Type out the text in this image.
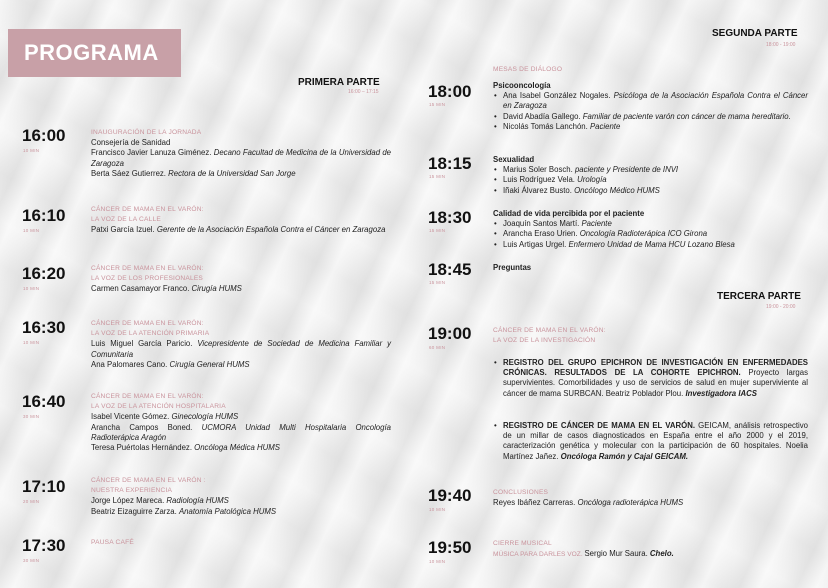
PROGRAMA
PRIMERA PARTE
16:00 – 17:15
SEGUNDA PARTE
18:00 - 19:00
TERCERA PARTE
19:00 - 20:00
16:00
10 MIN
INAUGURACIÓN DE LA JORNADA
Consejería de Sanidad
Francisco Javier Lanuza Giménez. Decano Facultad de Medicina de la Universidad de Zaragoza
Berta Sáez Gutierrez. Rectora de la Universidad San Jorge
16:10
10 MIN
CÁNCER DE MAMA EN EL VARÓN:
LA VOZ DE LA CALLE
Patxi García Izuel. Gerente de la Asociación Española Contra el Cáncer en Zaragoza
16:20
10 MIN
CÁNCER DE MAMA EN EL VARÓN:
LA VOZ DE LOS PROFESIONALES
Carmen Casamayor Franco. Cirugía HUMS
16:30
10 MIN
CÁNCER DE MAMA EN EL VARÓN:
LA VOZ DE LA ATENCIÓN PRIMARIA
Luis Miguel García Paricio. Vicepresidente de Sociedad de Medicina Familiar y Comunitaria
Ana Palomares Cano. Cirugía General HUMS
16:40
30 MIN
CÁNCER DE MAMA EN EL VARÓN:
LA VOZ DE LA ATENCIÓN HOSPITALARIA
Isabel Vicente Gómez. Ginecología HUMS
Arancha Campos Boned. UCMORA Unidad Multi Hospitalaria Oncología Radioterápica Aragón
Teresa Puértolas Hernández. Oncóloga Médica HUMS
17:10
20 MIN
CÁNCER DE MAMA EN EL VARÓN :
NUESTRA EXPERIENCIA
Jorge López Mareca. Radiología HUMS
Beatriz Eizaguirre Zarza. Anatomía Patológica HUMS
17:30
30 MIN
PAUSA CAFÉ
MESAS DE DIÁLOGO
18:00
15 MIN
Psicooncología
• Ana Isabel González Nogales. Psicóloga de la Asociación Española Contra el Cáncer en Zaragoza
• David Abadía Gallego. Familiar de paciente varón con cáncer de mama hereditario.
• Nicolás Tomás Lanchón. Paciente
18:15
15 MIN
Sexualidad
• Marius Soler Bosch. paciente y Presidente de INVI
• Luis Rodríguez Vela. Urología
• Iñaki Álvarez Busto. Oncólogo Médico HUMS
18:30
15 MIN
Calidad de vida percibida por el paciente
• Joaquín Santos Martí. Paciente
• Arancha Eraso Urien. Oncología Radioterápica ICO Girona
• Luis Artigas Urgel. Enfermero Unidad de Mama HCU Lozano Blesa
18:45
15 MIN
Preguntas
19:00
60 MIN
CÁNCER DE MAMA EN EL VARÓN:
LA VOZ DE LA INVESTIGACIÓN
• REGISTRO DEL GRUPO EPICHRON DE INVESTIGACIÓN EN ENFERMEDADES CRÓNICAS. RESULTADOS DE LA COHORTE EPICHRON. Proyecto largas supervivientes. Comorbilidades y uso de servicios de salud en mujer superviviente al cáncer de mama SURBCAN. Beatriz Poblador Plou. Investigadora IACS
• REGISTRO DE CÁNCER DE MAMA EN EL VARÓN. GEICAM, análisis retrospectivo de un millar de casos diagnosticados en España entre el año 2000 y el 2019, caracterización genética y molecular con la participación de 60 hospitales. Noelia Martínez Jañez. Oncóloga Ramón y Cajal GEICAM.
19:40
10 MIN
CONCLUSIONES
Reyes Ibáñez Carreras. Oncóloga radioterápica HUMS
19:50
10 MIN
CIERRE MUSICAL
MÚSICA PARA DARLES VOZ. Sergio Mur Saura. Chelo.
